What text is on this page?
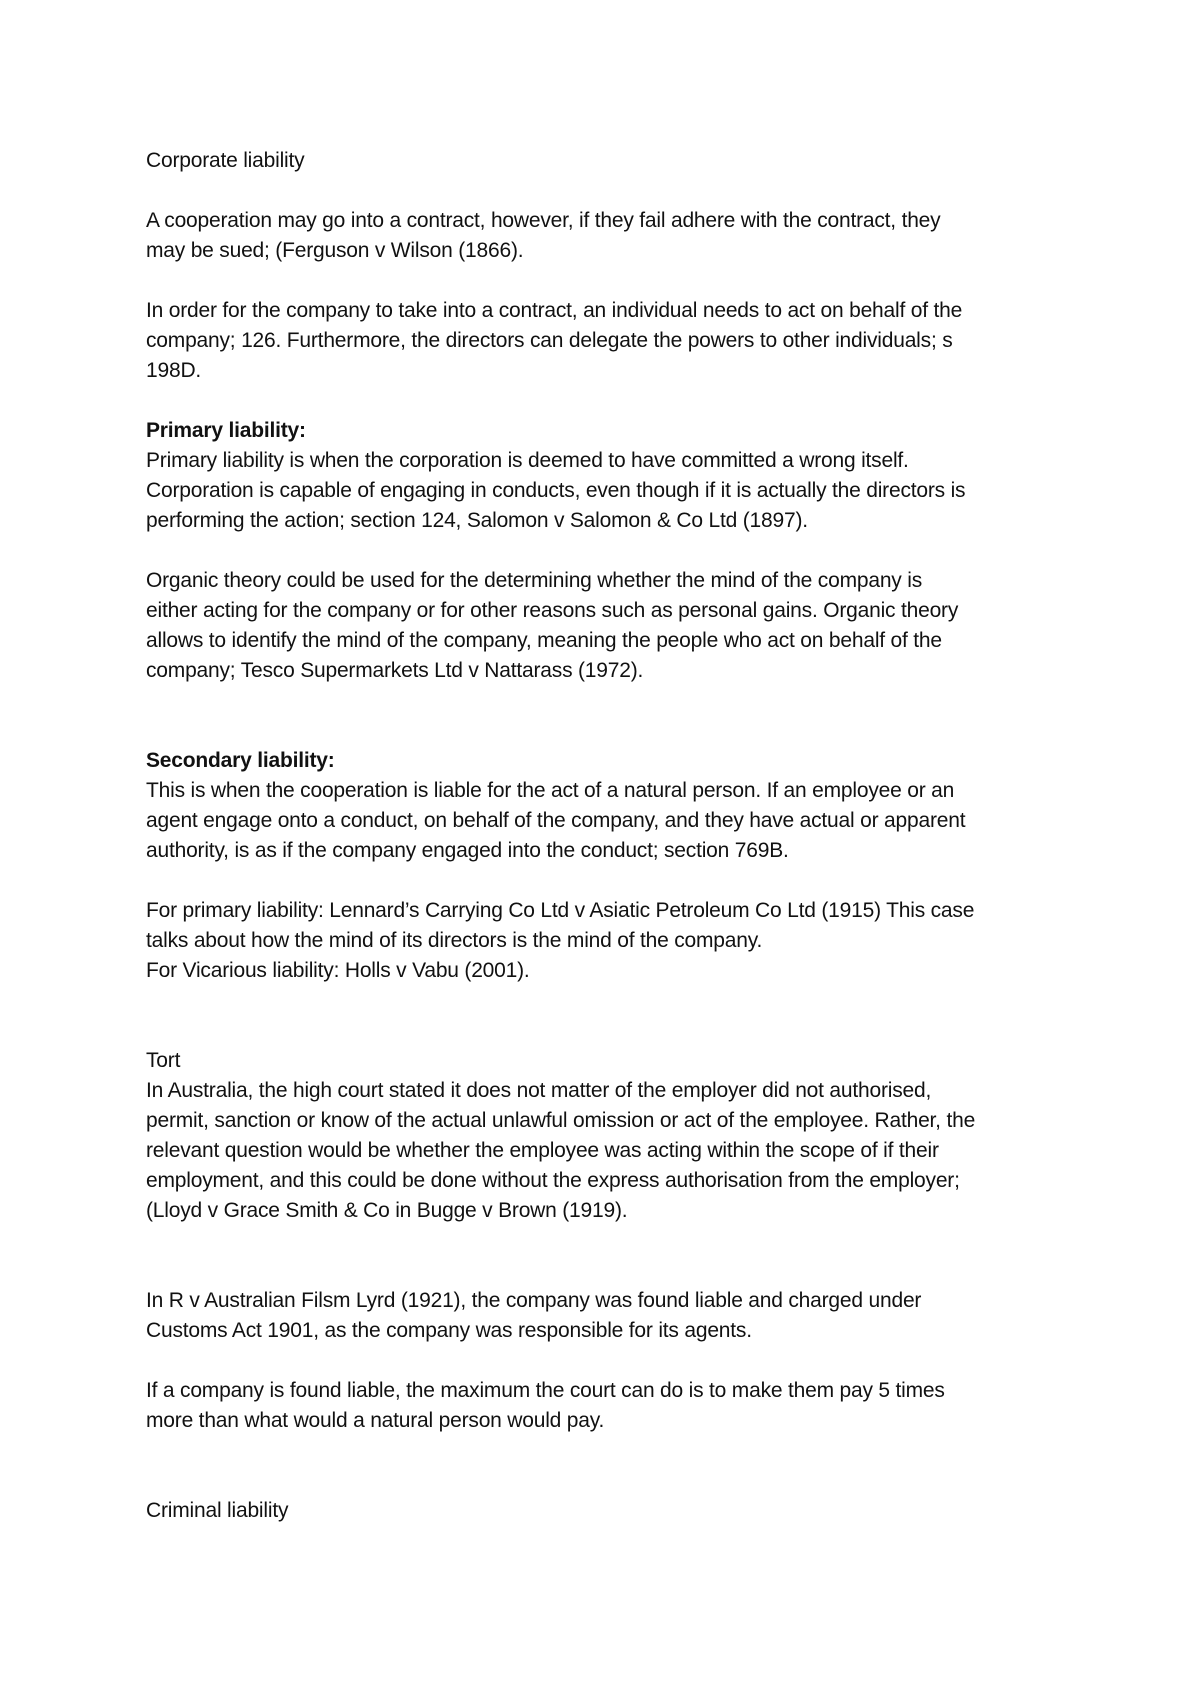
Corporate liability

A cooperation may go into a contract, however, if they fail adhere with the contract, they

may be sued; (Ferguson v Wilson (1866).

In order for the company to take into a contract, an individual needs to act on behalf of the

company; 126. Furthermore, the directors can delegate the powers to other individuals; s

198D.

Primary liability:

Primary liability is when the corporation is deemed to have committed a wrong itself.

Corporation is capable of engaging in conducts, even though if it is actually the directors is

performing the action; section 124, Salomon v Salomon & Co Ltd (1897).

Organic theory could be used for the determining whether the mind of the company is

either acting for the company or for other reasons such as personal gains. Organic theory

allows to identify the mind of the company, meaning the people who act on behalf of the

company; Tesco Supermarkets Ltd v Nattarass (1972).

Secondary liability:

This is when the cooperation is liable for the act of a natural person. If an employee or an

agent engage onto a conduct, on behalf of the company, and they have actual or apparent

authority, is as if the company engaged into the conduct; section 769B.

For primary liability: Lennard’s Carrying Co Ltd v Asiatic Petroleum Co Ltd (1915) This case

talks about how the mind of its directors is the mind of the company.

For Vicarious liability: Holls v Vabu (2001).

Tort

In Australia, the high court stated it does not matter of the employer did not authorised,

permit, sanction or know of the actual unlawful omission or act of the employee. Rather, the

relevant question would be whether the employee was acting within the scope of if their

employment, and this could be done without the express authorisation from the employer;

(Lloyd v Grace Smith & Co in Bugge v Brown (1919).

In R v Australian Filsm Lyrd (1921), the company was found liable and charged under

Customs Act 1901, as the company was responsible for its agents.

If a company is found liable, the maximum the court can do is to make them pay 5 times

more than what would a natural person would pay.

Criminal liability
